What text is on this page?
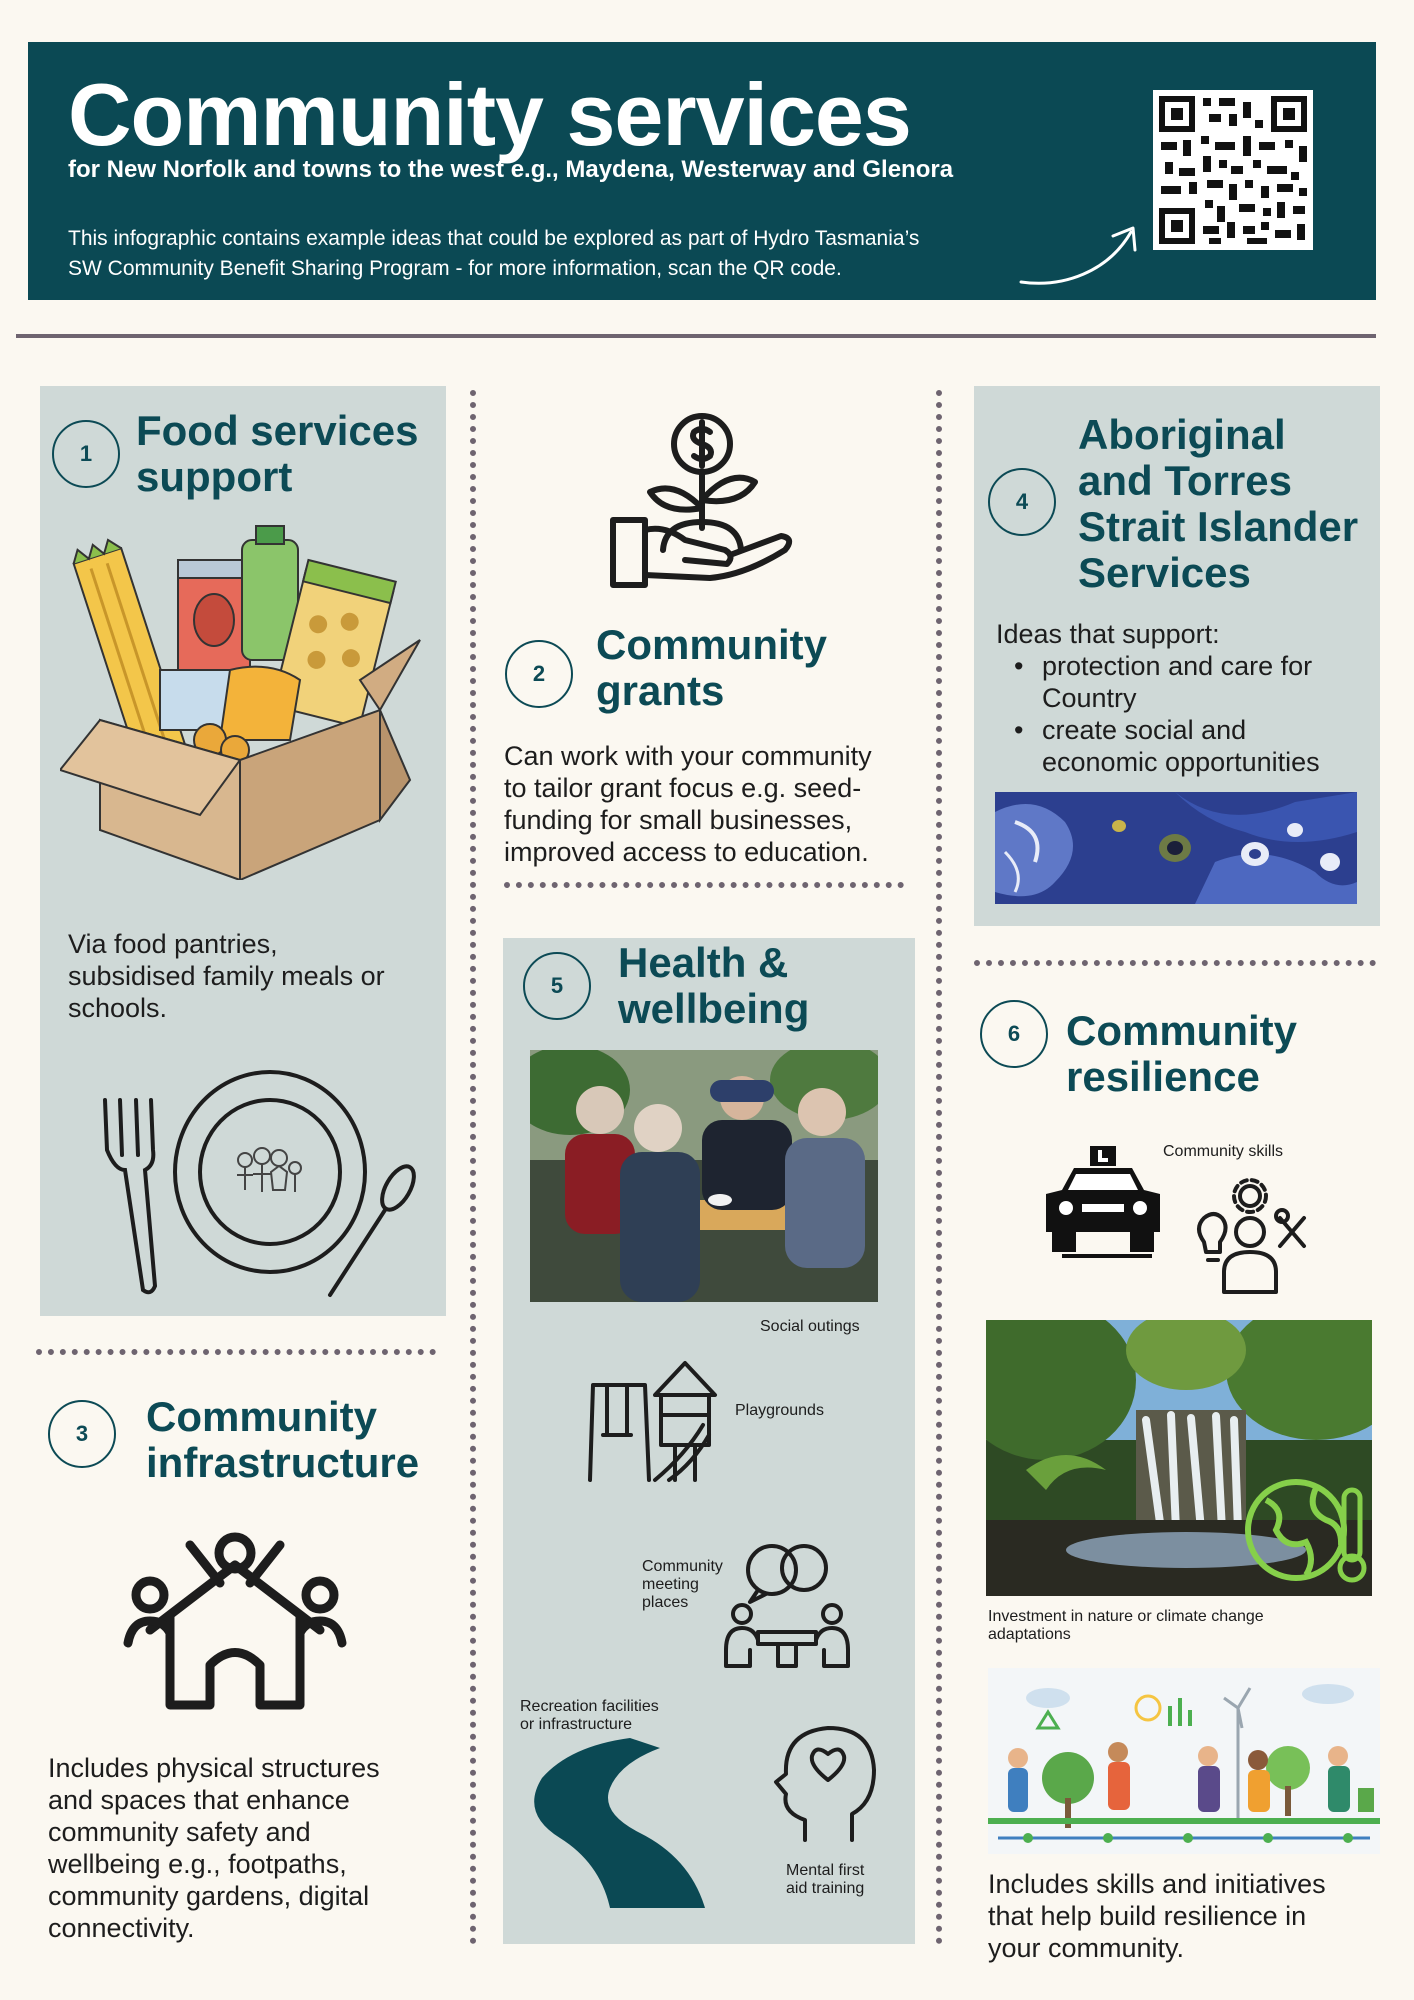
Community services
for New Norfolk and towns to the west e.g., Maydena, Westerway and Glenora
This infographic contains example ideas that could be explored as part of Hydro Tasmania’s
SW Community Benefit Sharing Program - for more information, scan the QR code.
1	Food services
support
Via food pantries,
subsidised family meals or
schools.
3	Community
infrastructure
Includes physical structures
and spaces that enhance
community safety and
wellbeing e.g., footpaths,
community gardens, digital
connectivity.
2
Community
grants
Can work with your community
to tailor grant focus e.g. seed-
funding for small businesses,
improved access to education.
5	Health &
wellbeing
Social outings
Playgrounds
Community
meeting
places
Recreation facilities
or infrastructure
Mental first
aid training
4
Aboriginal
and Torres
Strait Islander
Services
Ideas that support:
• protection and care for
Country
• create social and
economic opportunities
6	Community
resilience
Community skills
Investment in nature or climate change
adaptations
Includes skills and initiatives
that help build resilience in
your community.
